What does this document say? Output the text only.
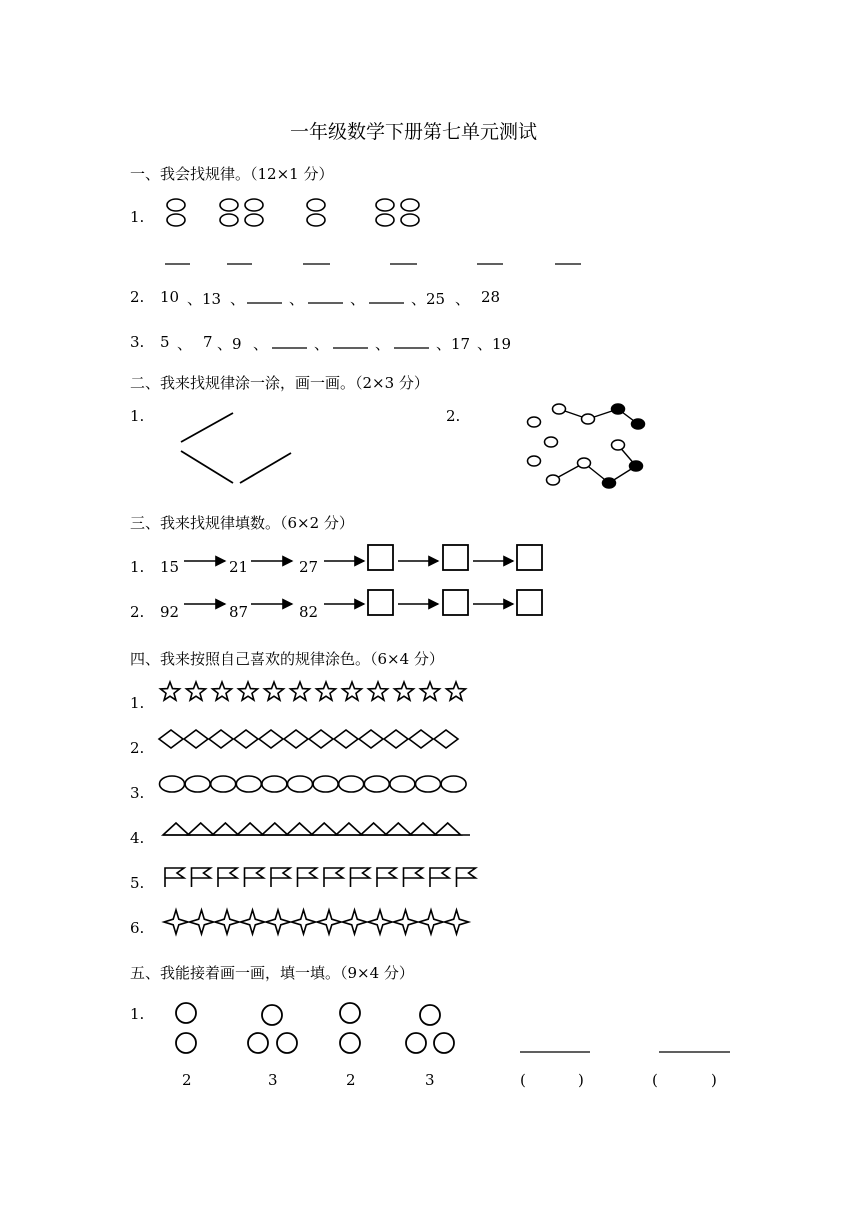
一年级数学下册第七单元测试
一、我会找规律。（12×1 分）
1.
2. 10 、13 、	、	、	、25 、 28
3. 5 、 7 、9 、	、	、	、17 、19
二、我来找规律涂一涂，画一画。（2×3 分）
1.	2.
三、我来找规律填数。（6×2 分）
1. 15	21	27
2. 92	87	82
四、我来按照自己喜欢的规律涂色。（6×4 分）
1.
2.
3.
4.
5.
6.
五、我能接着画一画，填一填。（9×4 分）
1.
2	3	2	3	(	)	(	)
